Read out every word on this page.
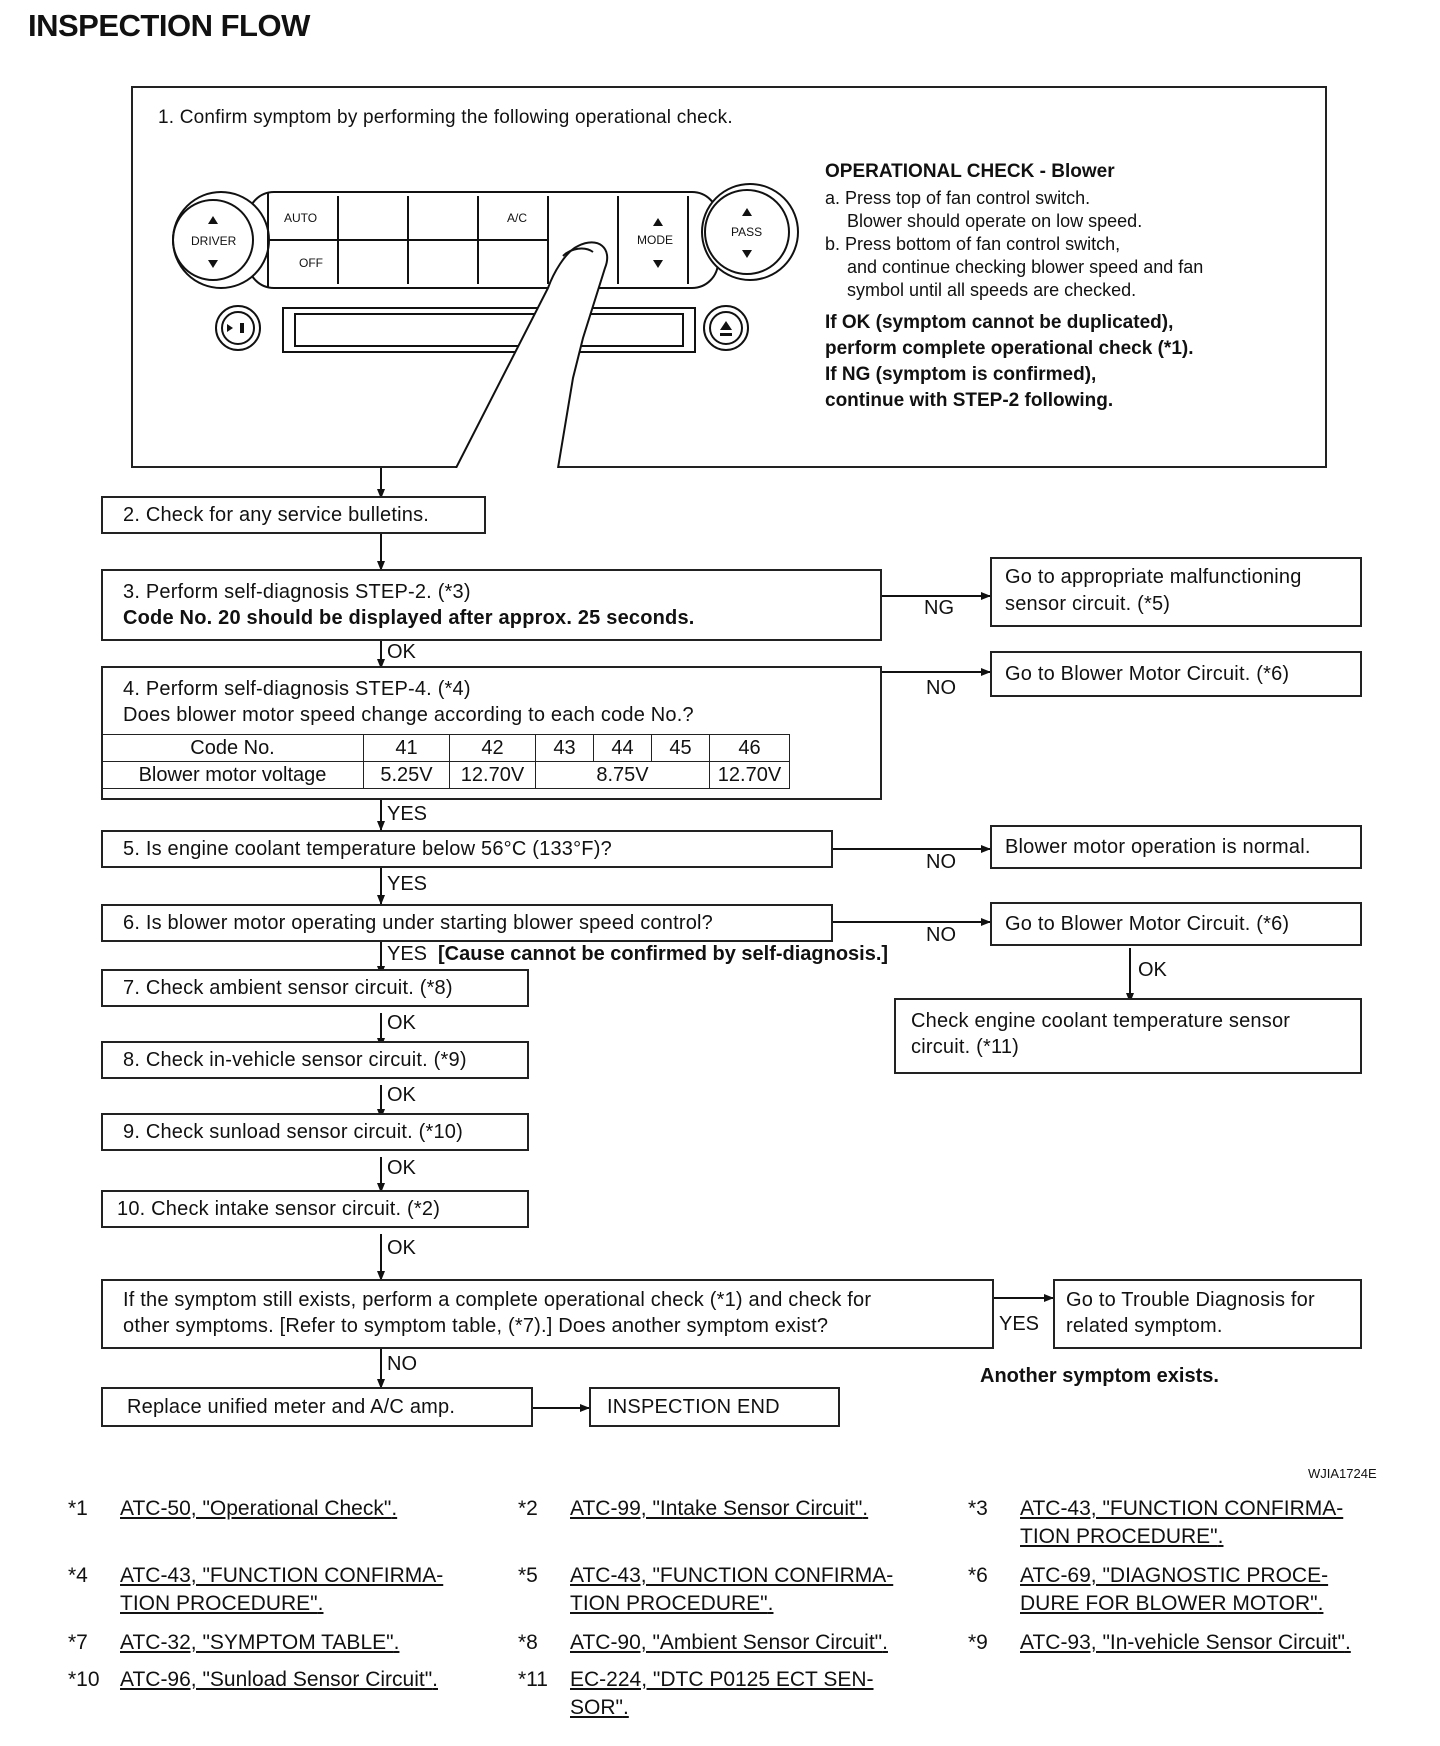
INSPECTION FLOW
1. Confirm symptom by performing the following operational check.
DRIVER
AUTO
OFF
A/C
MODE
PASS
OPERATIONAL CHECK - Blower
a. Press top of fan control switch.
Blower should operate on low speed.
b. Press bottom of fan control switch,
and continue checking blower speed and fan
symbol until all speeds are checked.
If OK (symptom cannot be duplicated),
perform complete operational check (*1).
If NG (symptom is confirmed),
continue with STEP-2 following.
2. Check for any service bulletins.
3. Perform self-diagnosis STEP-2. (*3)
Code No. 20 should be displayed after approx. 25 seconds.
Go to appropriate malfunctioning
sensor circuit. (*5)
NG
OK
4. Perform self-diagnosis STEP-4. (*4)
Does blower motor speed change according to each code No.?
Code No.	41	42	43	44	45	46
Blower motor voltage	5.25V	12.70V	8.75V			12.70V
Go to Blower Motor Circuit. (*6)
NO
YES
5. Is engine coolant temperature below 56°C (133°F)?	Blower motor operation is normal.
NO
YES
6. Is blower motor operating under starting blower speed control?	Go to Blower Motor Circuit. (*6)
NO
YES [Cause cannot be confirmed by self-diagnosis.]
OK
Check engine coolant temperature sensor
circuit. (*11)
7. Check ambient sensor circuit. (*8)
OK
8. Check in-vehicle sensor circuit. (*9)
OK
9. Check sunload sensor circuit. (*10)
OK
10. Check intake sensor circuit. (*2)
OK
If the symptom still exists, perform a complete operational check (*1) and check for
other symptoms. [Refer to symptom table, (*7).] Does another symptom exist?
Go to Trouble Diagnosis for
related symptom.
YES
Another symptom exists.
NO
Replace unified meter and A/C amp.	INSPECTION END
WJIA1724E
*1 ATC-50, "Operational Check".	*2 ATC-99, "Intake Sensor Circuit".	*3 ATC-43, "FUNCTION CONFIRMA-
TION PROCEDURE".
*4 ATC-43, "FUNCTION CONFIRMA-
TION PROCEDURE".
*5 ATC-43, "FUNCTION CONFIRMA-
TION PROCEDURE".
*6 ATC-69, "DIAGNOSTIC PROCE-
DURE FOR BLOWER MOTOR".
*7 ATC-32, "SYMPTOM TABLE".	*8 ATC-90, "Ambient Sensor Circuit".	*9 ATC-93, "In-vehicle Sensor Circuit".
*10 ATC-96, "Sunload Sensor Circuit".	*11 EC-224, "DTC P0125 ECT SEN-
SOR".
